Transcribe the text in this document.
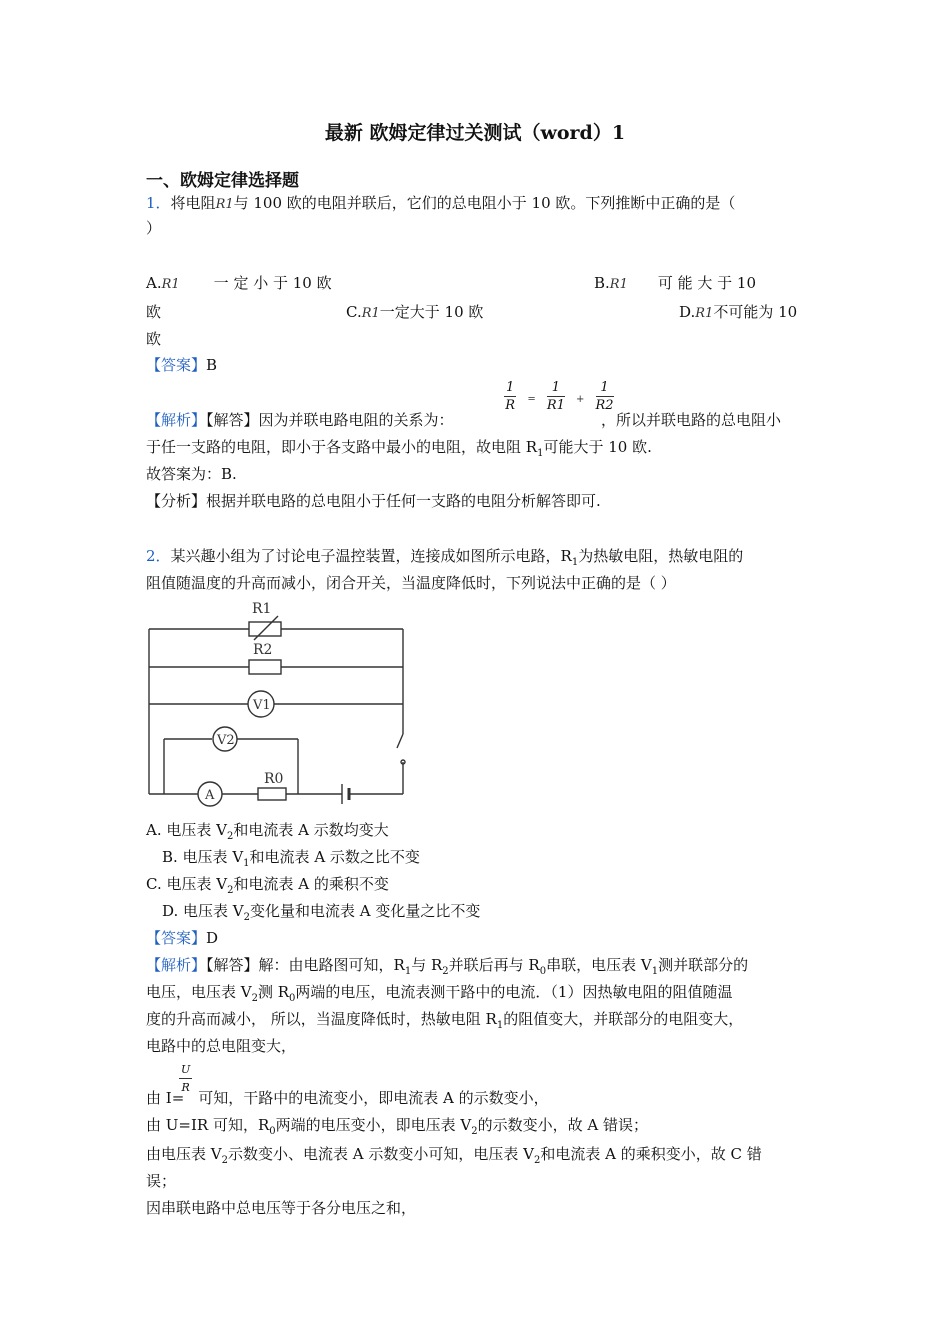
最新 欧姆定律过关测试（word）1
一、欧姆定律选择题
1．将电阻R1与 100 欧的电阻并联后，它们的总电阻小于 10 欧。下列推断中正确的是（
）
A.R1 一 定 小 于 10 欧	B.R1 可 能 大 于 10
欧	C.R1一定大于 10 欧	D.R1不可能为 10
欧
【答案】B
【解析】【解答】因为并联电路电阻的关系为：
$\frac{1}{R} = \frac{1}{R1} + \frac{1}{R2}$
，所以并联电路的总电阻小
于任一支路的电阻，即小于各支路中最小的电阻，故电阻 $R_1$可能大于 10 欧.
故答案为：B.
【分析】根据并联电路的总电阻小于任何一支路的电阻分析解答即可.
2．某兴趣小组为了讨论电子温控装置，连接成如图所示电路，$R_1$为热敏电阻，热敏电阻的
阻值随温度的升高而减小，闭合开关，当温度降低时，下列说法中正确的是（ ）
R1
R2
V1
V2
A
R0
A. 电压表 $V_2$和电流表 A 示数均变大
B. 电压表 $V_1$和电流表 A 示数之比不变
C. 电压表 $V_2$和电流表 A 的乘积不变
D. 电压表 $V_2$变化量和电流表 A 变化量之比不变
【答案】D
【解析】【解答】解：由电路图可知，$R_1$与 $R_2$并联后再与 $R_0$串联，电压表 $V_1$测并联部分的
电压，电压表 $V_2$测 $R_0$两端的电压，电流表测干路中的电流．（1）因热敏电阻的阻值随温
度的升高而减小， 所以，当温度降低时，热敏电阻 $R_1$的阻值变大，并联部分的电阻变大，
电路中的总电阻变大，
由 I= 可知，干路中的电流变小，即电流表 A 的示数变小，
$\frac{U}{R}$
由 U=IR 可知，$R_0$两端的电压变小，即电压表 $V_2$的示数变小，故 A 错误；
由电压表 $V_2$示数变小、电流表 A 示数变小可知，电压表 $V_2$和电流表 A 的乘积变小，故 C 错
误；
因串联电路中总电压等于各分电压之和，
